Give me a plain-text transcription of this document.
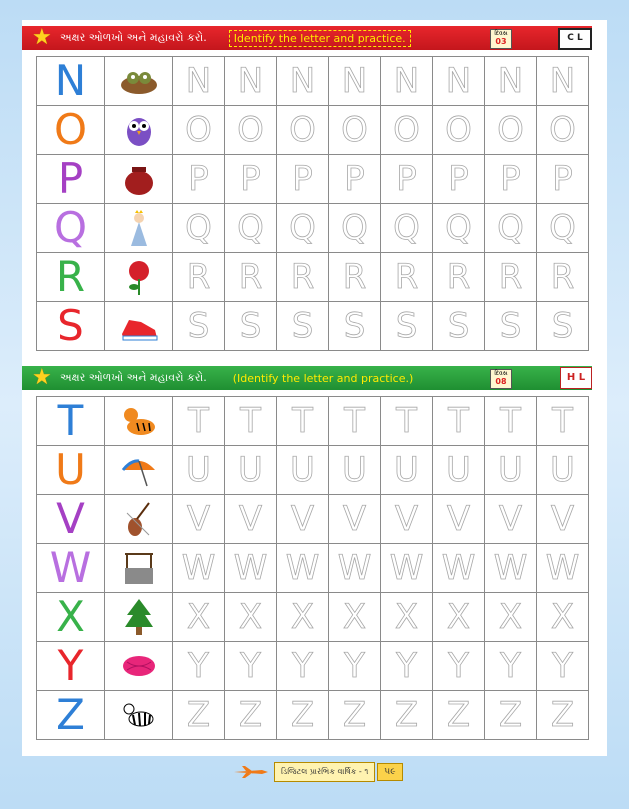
★ અક્ષર ઓળખો અને મહાવરો કરો.	Identify the letter and practice.	દિવસ
03	C L
N		N	N	N	N	N	N	N	N
O		O	O	O	O	O	O	O	O
P		P	P	P	P	P	P	P	P
Q		Q	Q	Q	Q	Q	Q	Q	Q
R		R	R	R	R	R	R	R	R
S		S	S	S	S	S	S	S	S
★ અક્ષર ઓળખો અને મહાવરો કરો.	(Identify the letter and practice.)	દિવસ
08	H L
T		T	T	T	T	T	T	T	T
U		U	U	U	U	U	U	U	U
V		V	V	V	V	V	V	V	V
W		W	W	W	W	W	W	W	W
X		X	X	X	X	X	X	X	X
Y		Y	Y	Y	Y	Y	Y	Y	Y
Z		Z	Z	Z	Z	Z	Z	Z	Z
ડિજિટલ પ્રારંભિક વાર્ષિક - ૧	૫૯
